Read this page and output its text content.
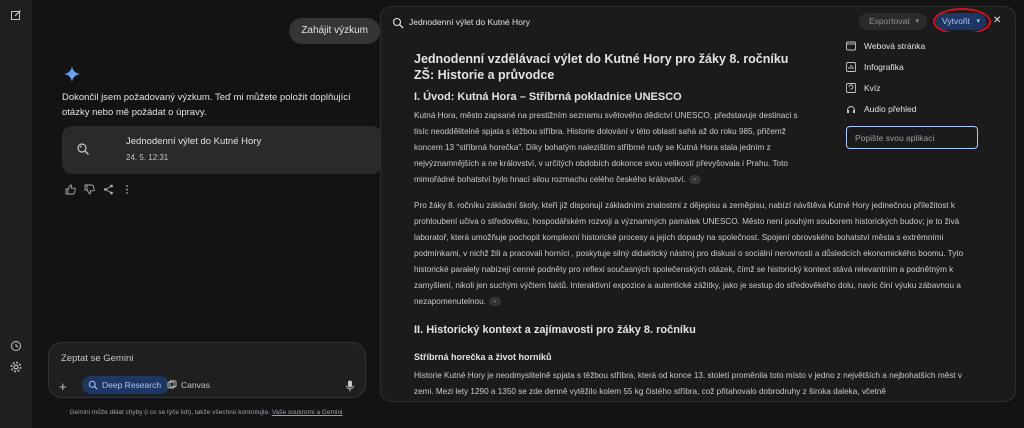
Zahájit výzkum
Dokončil jsem požadovaný výzkum. Teď mi můžete položit doplňující otázky nebo mě požádat o úpravy.
Jednodenní výlet do Kutné Hory
24. 5. 12:31
Zeptat se Gemini
+	Deep Research Canvas
Gemini může dělat chyby (i co se týče lidí), takže všechno kontrolujte. Vaše soukromí a Gemini
Jednodenní výlet do Kutné Hory	Exportovat ▾	Vytvořit ▾ ✕
Jednodenní vzdělávací výlet do Kutné Hory pro žáky 8. ročníku ZŠ: Historie a průvodce
I. Úvod: Kutná Hora – Stříbrná pokladnice UNESCO

Kutná Hora, město zapsané na prestižním seznamu světového dědictví UNESCO, představuje destinaci s tisíc neoddělitelně spjata s těžbou stříbra. Historie dolování v této oblasti sahá až do roku 985, přičemž koncem 13 "stříbrná horečka". Díky bohatým nalezištím stříbrné rudy se Kutná Hora stala jedním z nejvýznamnějších a ne království, v určitých obdobích dokonce svou velikostí převyšovala i Prahu. Toto mimořádné bohatství bylo hnací silou rozmachu celého českého království. ⌄

Pro žáky 8. ročníku základní školy, kteří již disponují základními znalostmi z dějepisu a zeměpisu, nabízí návštěva Kutné Hory jedinečnou příležitost k prohloubení učiva o středověku, hospodářském rozvoji a významných památek UNESCO. Město není pouhým souborem historických budov; je to živá laboratoř, která umožňuje pochopit komplexní historické procesy a jejich dopady na společnost. Spojení obrovského bohatství města s extrémními podmínkami, v nichž žili a pracovali horníci , poskytuje silný didaktický nástroj pro diskusi o sociální nerovnosti a důsledcích ekonomického boomu. Tyto historické paralely nabízejí cenné podněty pro reflexi současných společenských otázek, čímž se historický kontext stává relevantním a podnětným k zamyšlení, nikoli jen suchým výčtem faktů. Interaktivní expozice a autentické zážitky, jako je sestup do středověkého dolu, navíc činí výuku zábavnou a nezapomenutelnou. ⌄

II. Historický kontext a zajímavosti pro žáky 8. ročníku
Stříbrná horečka a život horníků

Historie Kutné Hory je neodmyslitelně spjata s těžbou stříbra, která od konce 13. století proměnila toto místo v jedno z největších a nejbohatších měst v zemi. Mezi lety 1290 a 1350 se zde denně vytěžilo kolem 55 kg čistého stříbra, což přitahovalo dobrodruhy z široka daleka, včetně

Webová stránka
Infografika
Kvíz
Audio přehled
Popište svou aplikaci
